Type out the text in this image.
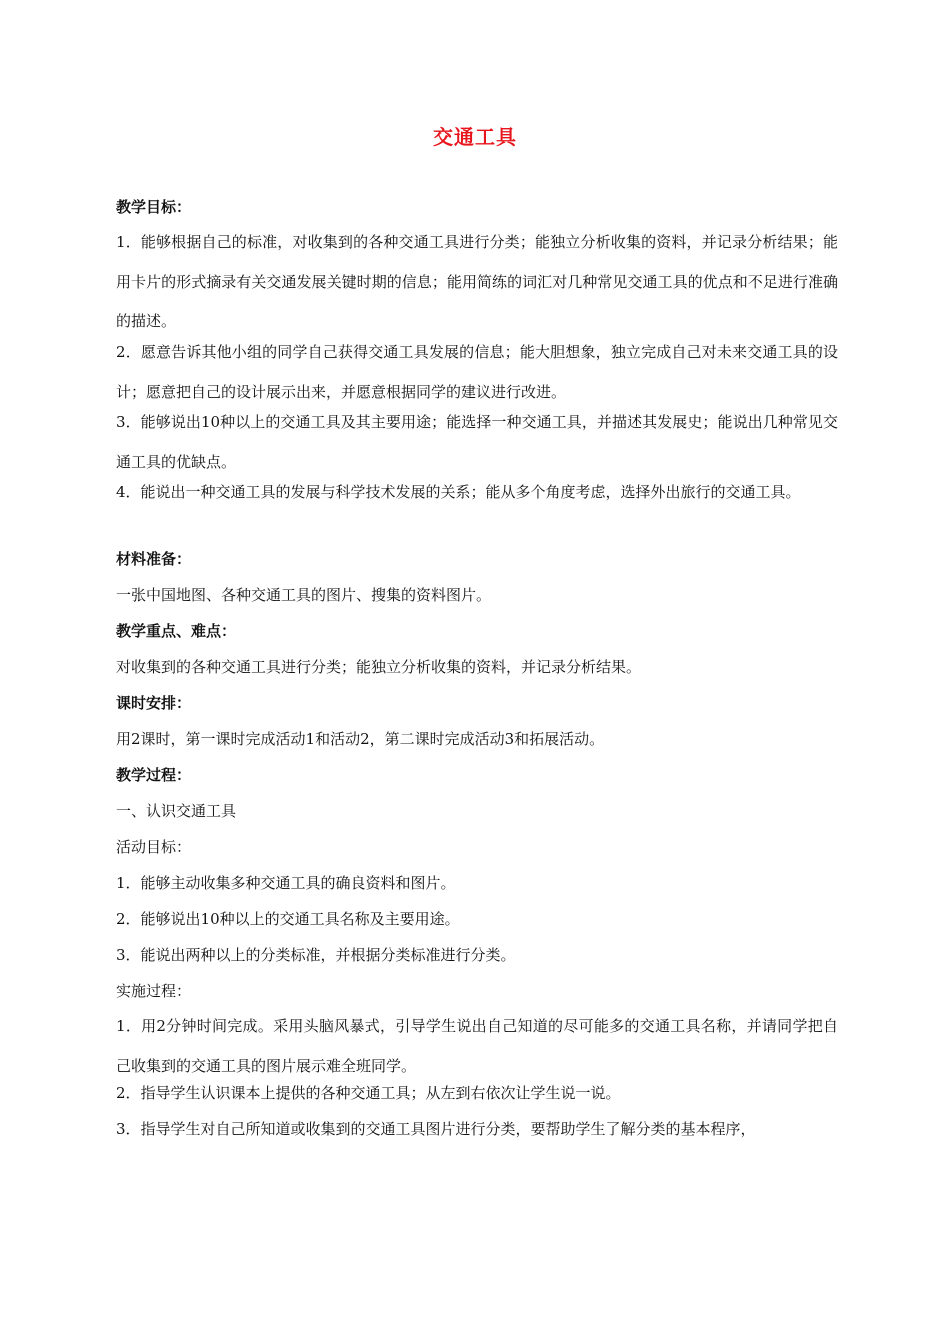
交通工具
教学目标：
1．能够根据自己的标准，对收集到的各种交通工具进行分类；能独立分析收集的资料，并记录分析结果；能用卡片的形式摘录有关交通发展关键时期的信息；能用简练的词汇对几种常见交通工具的优点和不足进行准确的描述。
2．愿意告诉其他小组的同学自己获得交通工具发展的信息；能大胆想象，独立完成自己对未来交通工具的设计；愿意把自己的设计展示出来，并愿意根据同学的建议进行改进。
3．能够说出10种以上的交通工具及其主要用途；能选择一种交通工具，并描述其发展史；能说出几种常见交通工具的优缺点。
4．能说出一种交通工具的发展与科学技术发展的关系；能从多个角度考虑，选择外出旅行的交通工具。
材料准备：
一张中国地图、各种交通工具的图片、搜集的资料图片。
教学重点、难点：
对收集到的各种交通工具进行分类；能独立分析收集的资料，并记录分析结果。
课时安排：
用2课时，第一课时完成活动1和活动2，第二课时完成活动3和拓展活动。
教学过程：
一、认识交通工具
活动目标：
1．能够主动收集多种交通工具的确良资料和图片。
2．能够说出10种以上的交通工具名称及主要用途。
3．能说出两种以上的分类标准，并根据分类标准进行分类。
实施过程：
1．用2分钟时间完成。采用头脑风暴式，引导学生说出自己知道的尽可能多的交通工具名称，并请同学把自己收集到的交通工具的图片展示难全班同学。
2．指导学生认识课本上提供的各种交通工具；从左到右依次让学生说一说。
3．指导学生对自己所知道或收集到的交通工具图片进行分类，要帮助学生了解分类的基本程序，
